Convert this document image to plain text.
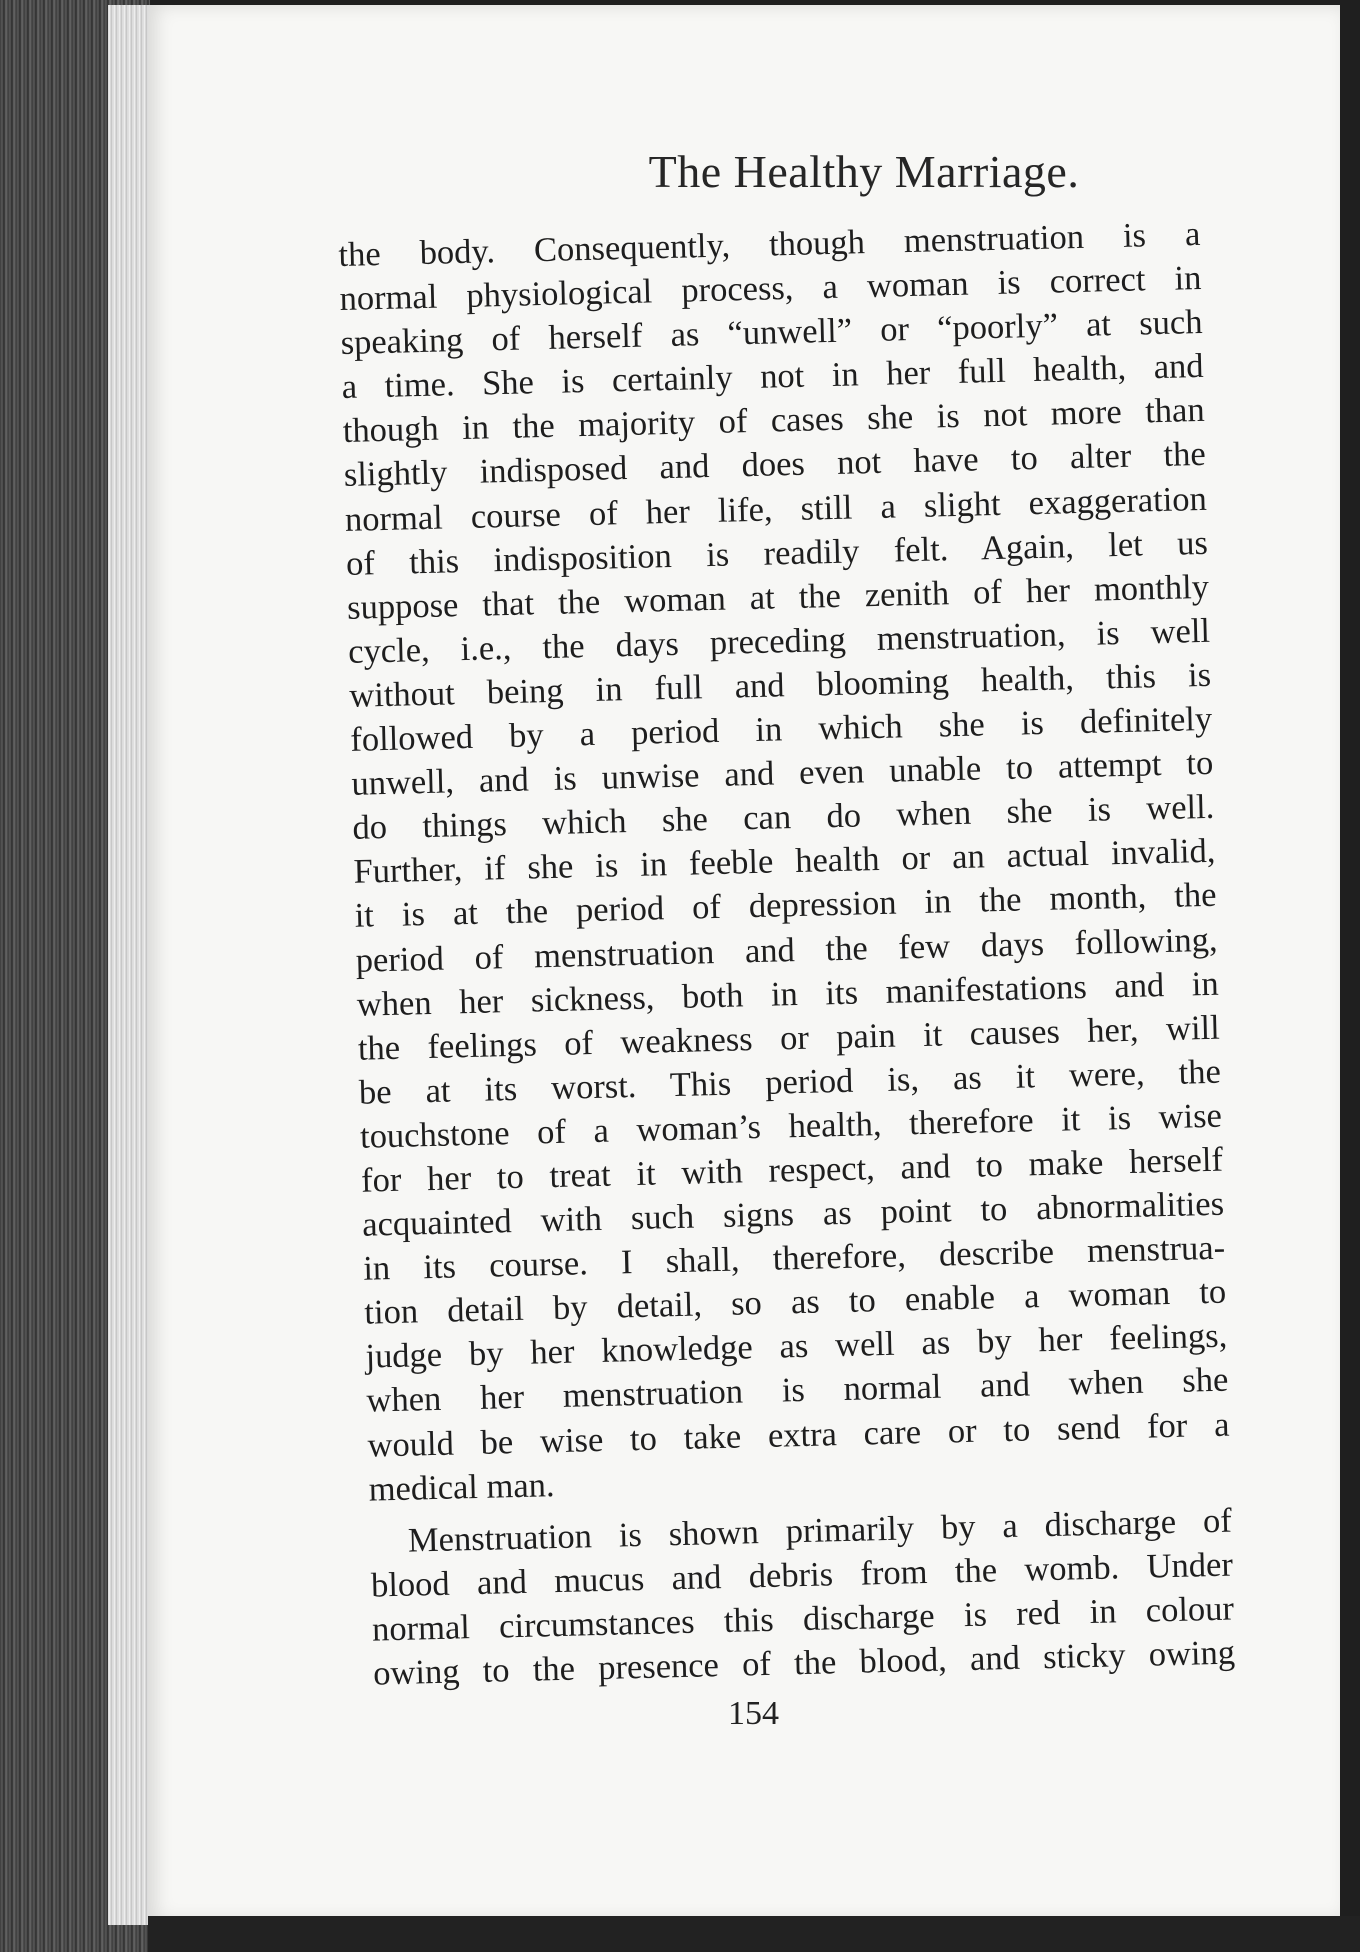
The Healthy Marriage.
the body. Consequently, though menstruation is a
normal physiological process, a woman is correct in
speaking of herself as “unwell” or “poorly” at such
a time. She is certainly not in her full health, and
though in the majority of cases she is not more than
slightly indisposed and does not have to alter the
normal course of her life, still a slight exaggeration
of this indisposition is readily felt. Again, let us
suppose that the woman at the zenith of her monthly
cycle, i.e., the days preceding menstruation, is well
without being in full and blooming health, this is
followed by a period in which she is definitely
unwell, and is unwise and even unable to attempt to
do things which she can do when she is well.
Further, if she is in feeble health or an actual invalid,
it is at the period of depression in the month, the
period of menstruation and the few days following,
when her sickness, both in its manifestations and in
the feelings of weakness or pain it causes her, will
be at its worst. This period is, as it were, the
touchstone of a woman’s health, therefore it is wise
for her to treat it with respect, and to make herself
acquainted with such signs as point to abnormalities
in its course. I shall, therefore, describe menstrua-
tion detail by detail, so as to enable a woman to
judge by her knowledge as well as by her feelings,
when her menstruation is normal and when she
would be wise to take extra care or to send for a
medical man.
Menstruation is shown primarily by a discharge of
blood and mucus and debris from the womb. Under
normal circumstances this discharge is red in colour
owing to the presence of the blood, and sticky owing
154
